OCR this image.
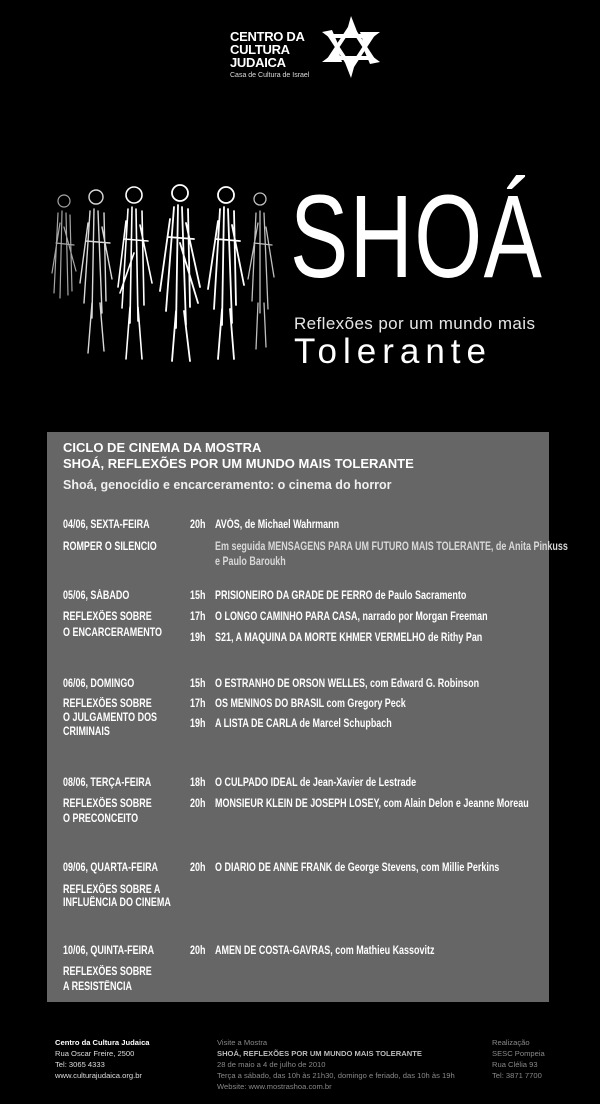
CENTRO DA
CULTURA
JUDAICA
Casa de Cultura de Israel
SHOÁ
Reflexões por um mundo mais
Tolerante
CICLO DE CINEMA DA MOSTRA
SHOÁ, REFLEXÕES POR UM MUNDO MAIS TOLERANTE
Shoá, genocídio e encarceramento: o cinema do horror
04/06, SEXTA-FEIRA
ROMPER O SILENCIO
20h AVÓS, de Michael Wahrmann
Em seguida MENSAGENS PARA UM FUTURO MAIS TOLERANTE, de Anita Pinkuss
e Paulo Baroukh
05/06, SÁBADO
REFLEXÕES SOBRE
O ENCARCERAMENTO
15h PRISIONEIRO DA GRADE DE FERRO de Paulo Sacramento
17h O LONGO CAMINHO PARA CASA, narrado por Morgan Freeman
19h S21, A MAQUINA DA MORTE KHMER VERMELHO de Rithy Pan
06/06, DOMINGO
REFLEXÕES SOBRE
O JULGAMENTO DOS
CRIMINAIS
15h O ESTRANHO DE ORSON WELLES, com Edward G. Robinson
17h OS MENINOS DO BRASIL com Gregory Peck
19h A LISTA DE CARLA de Marcel Schupbach
08/06, TERÇA-FEIRA
REFLEXÕES SOBRE
O PRECONCEITO
18h O CULPADO IDEAL de Jean-Xavier de Lestrade
20h MONSIEUR KLEIN DE JOSEPH LOSEY, com Alain Delon e Jeanne Moreau
09/06, QUARTA-FEIRA
REFLEXÕES SOBRE A
INFLUÊNCIA DO CINEMA
20h O DIARIO DE ANNE FRANK de George Stevens, com Millie Perkins
10/06, QUINTA-FEIRA
REFLEXÕES SOBRE
A RESISTÊNCIA
20h AMEN DE COSTA-GAVRAS, com Mathieu Kassovitz
Centro da Cultura Judaica
Rua Oscar Freire, 2500
Tel: 3065 4333
www.culturajudaica.org.br
Visite a Mostra
SHOÁ, REFLEXÕES POR UM MUNDO MAIS TOLERANTE
28 de maio a 4 de julho de 2010
Terça a sábado, das 10h às 21h30, domingo e feriado, das 10h às 19h
Website: www.mostrashoa.com.br
Realização
SESC Pompeia
Rua Clélia 93
Tel: 3871 7700
